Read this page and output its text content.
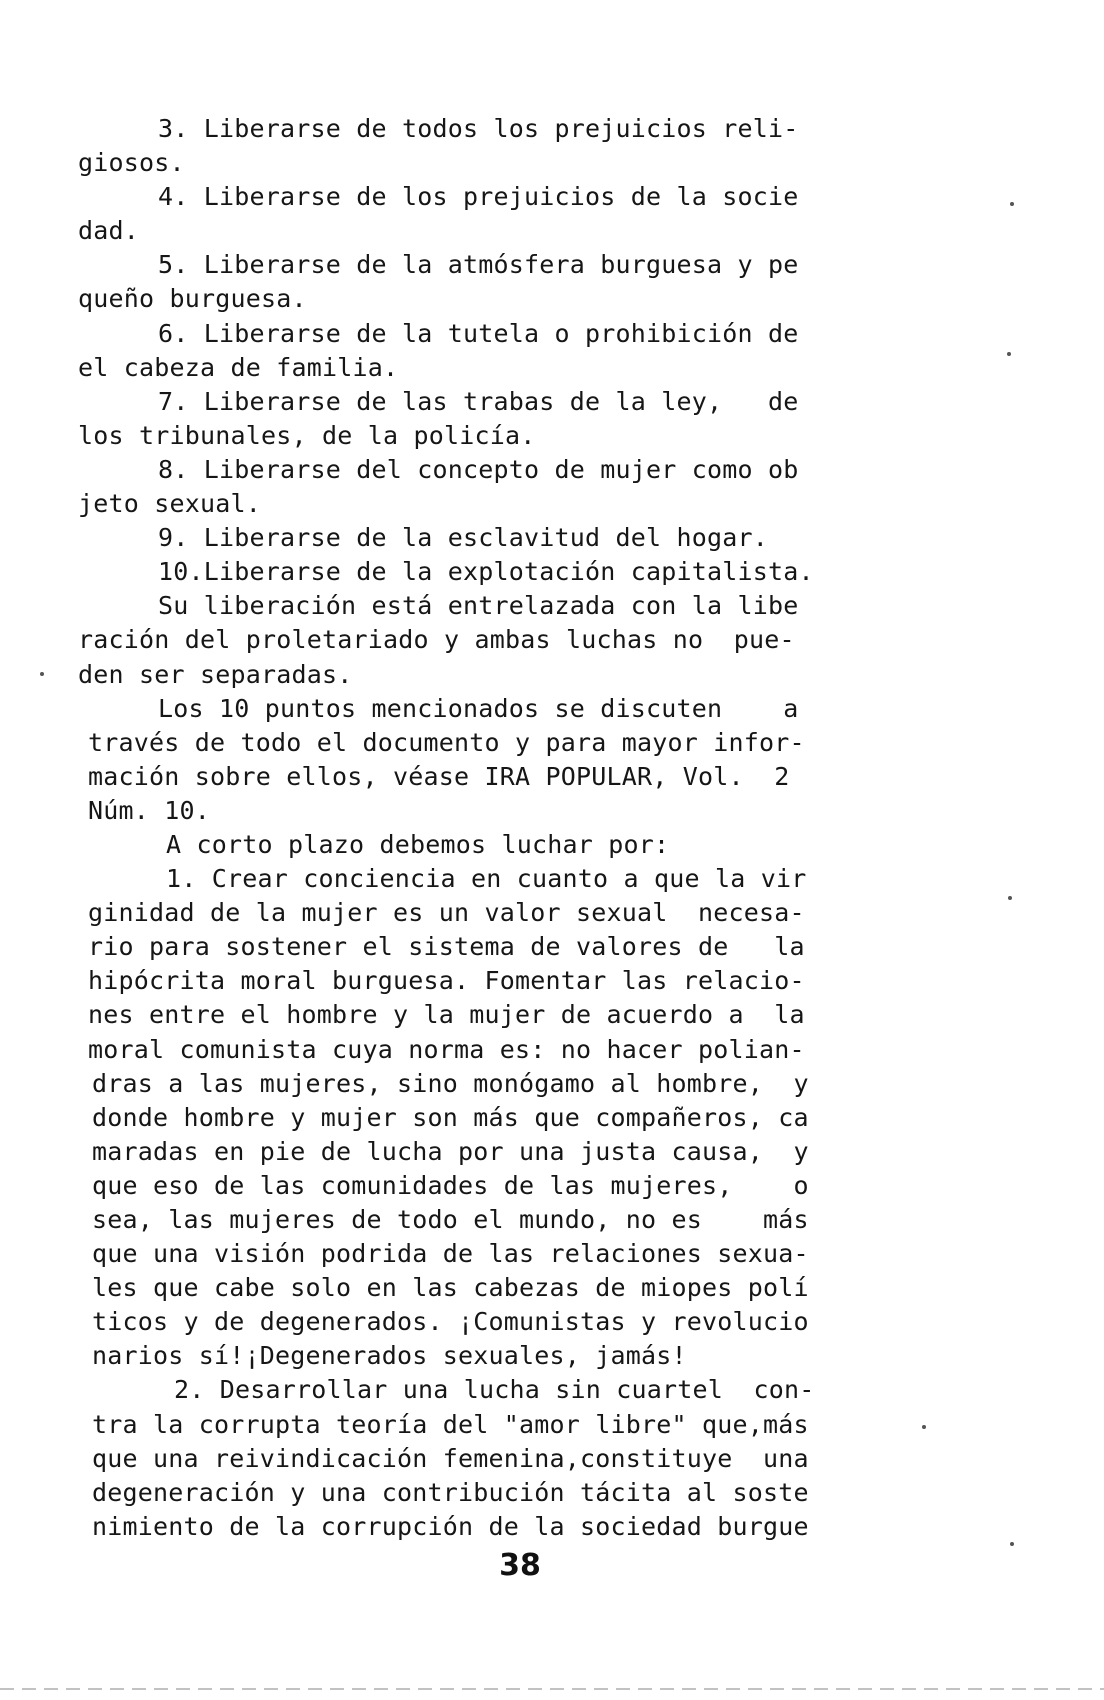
3. Liberarse de todos los prejuicios reli-
giosos.
4. Liberarse de los prejuicios de la socie
dad.
5. Liberarse de la atmósfera burguesa y pe
queño burguesa.
6. Liberarse de la tutela o prohibición de
el cabeza de familia.
7. Liberarse de las trabas de la ley,   de
los tribunales, de la policía.
8. Liberarse del concepto de mujer como ob
jeto sexual.
9. Liberarse de la esclavitud del hogar.
10.Liberarse de la explotación capitalista.
Su liberación está entrelazada con la libe
ración del proletariado y ambas luchas no  pue-
den ser separadas.
Los 10 puntos mencionados se discuten    a
través de todo el documento y para mayor infor-
mación sobre ellos, véase IRA POPULAR, Vol.  2
Núm. 10.
A corto plazo debemos luchar por:
1. Crear conciencia en cuanto a que la vir
ginidad de la mujer es un valor sexual  necesa-
rio para sostener el sistema de valores de   la
hipócrita moral burguesa. Fomentar las relacio-
nes entre el hombre y la mujer de acuerdo a  la
moral comunista cuya norma es: no hacer polian-
dras a las mujeres, sino monógamo al hombre,  y
donde hombre y mujer son más que compañeros, ca
maradas en pie de lucha por una justa causa,  y
que eso de las comunidades de las mujeres,    o
sea, las mujeres de todo el mundo, no es    más
que una visión podrida de las relaciones sexua-
les que cabe solo en las cabezas de miopes polí
ticos y de degenerados. ¡Comunistas y revolucio
narios sí!¡Degenerados sexuales, jamás!
2. Desarrollar una lucha sin cuartel  con-
tra la corrupta teoría del "amor libre" que,más
que una reivindicación femenina,constituye  una
degeneración y una contribución tácita al soste
nimiento de la corrupción de la sociedad burgue
38
